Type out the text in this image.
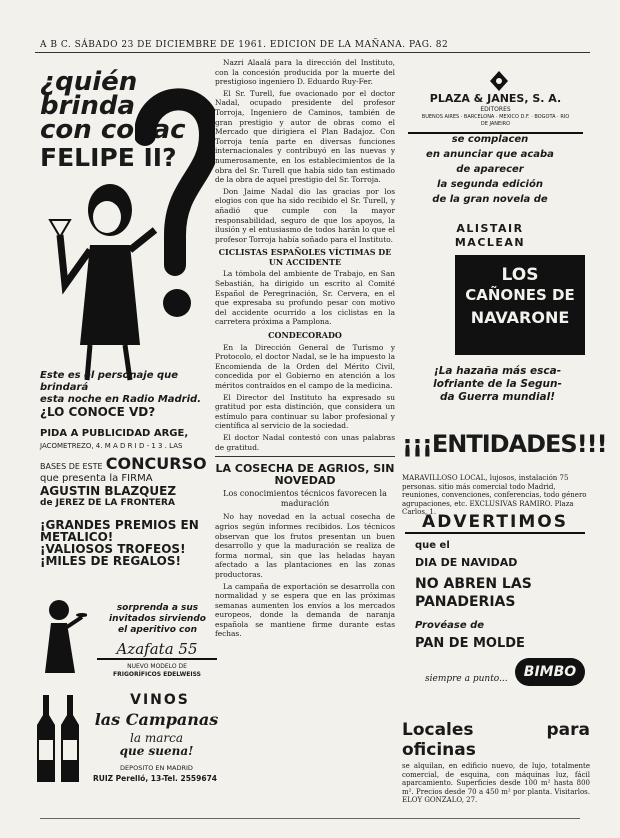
A B C. SÁBADO 23 DE DICIEMBRE DE 1961. EDICION DE LA MAÑANA. PAG. 82
¿quién
brinda
con coñac
FELIPE II?
Este es el personaje que brindará
esta noche en Radio Madrid.
¿LO CONOCE VD?
PIDA A PUBLICIDAD ARGE,
JACOMETREZO, 4. M A D R I D - 1 3 . LAS
BASES DE ESTE CONCURSO
que presenta la FIRMA
AGUSTIN BLAZQUEZ
de JEREZ DE LA FRONTERA
¡GRANDES PREMIOS EN METALICO!
¡VALIOSOS TROFEOS!
¡MILES DE REGALOS!
sorprenda a sus
invitados sirviendo
el aperitivo con
Azafata 55
NUEVO MODELO DE
FRIGORÍFICOS EDELWEISS
VINOS
las Campanas
la marca
que suena!
DEPOSITO EN MADRID
RUIZ Perelló, 13-Tel. 2559674

Nazri Alaalá para la dirección del Instituto, con la concesión producida por la muerte del prestigioso ingeniero D. Eduardo Ruy-Fer.

El Sr. Turell, fue ovacionado por el doctor Nadal, ocupado presidente del profesor Torroja, Ingeniero de Caminos, también de gran prestigio y autor de obras como el Mercado que dirigiera el Plan Badajoz. Con Torroja tenía parte en diversas funciones internacionales y contribuyó en las nuevas y numerosamente, en los establecimientos de la obra del Sr. Turell que había sido tan estimado de la obra de aquel prestigio del Sr. Torroja.

Don Jaime Nadal dio las gracias por los elogios con que ha sido recibido el Sr. Turell, y añadió que cumple con la mayor responsabilidad, seguro de que los apoyos, la ilusión y el entusiasmo de todos harán lo que el profesor Torroja había soñado para el Instituto.

CICLISTAS ESPAÑOLES VÍCTIMAS DE UN ACCIDENTE

La tómbola del ambiente de Trabajo, en San Sebastián, ha dirigido un escrito al Comité Español de Peregrinación, Sr. Cervera, en el que expresaba su profundo pesar con motivo del accidente ocurrido a los ciclistas en la carretera próxima a Pamplona.

CONDECORADO

En la Dirección General de Turismo y Protocolo, el doctor Nadal, se le ha impuesto la Encomienda de la Orden del Mérito Civil, concedida por el Gobierno en atención a los méritos contraídos en el campo de la medicina.

El Director del Instituto ha expresado su gratitud por esta distinción, que considera un estímulo para continuar su labor profesional y científica al servicio de la sociedad.

El doctor Nadal contestó con unas palabras de gratitud.

LA COSECHA DE AGRIOS, SIN NOVEDAD
Los conocimientos técnicos favorecen la maduración

No hay novedad en la actual cosecha de agrios según informes recibidos. Los técnicos observan que los frutos presentan un buen desarrollo y que la maduración se realiza de forma normal, sin que las heladas hayan afectado a las plantaciones en las zonas productoras.

La campaña de exportación se desarrolla con normalidad y se espera que en las próximas semanas aumenten los envíos a los mercados europeos, donde la demanda de naranja española se mantiene firme durante estas fechas.

PLAZA & JANES, S. A.
EDITORES
BUENOS AIRES · BARCELONA · MEXICO D.F. · BOGOTA · RIO DE JANEIRO
se complacen
en anunciar que acaba
de aparecer
la segunda edición
de la gran novela de
ALISTAIR
MACLEAN
LOS
CAÑONES DE
NAVARONE
¡La hazaña más esca-
lofriante de la Segun-
da Guerra mundial!
¡¡¡ENTIDADES!!!
MARAVILLOSO LOCAL, lujosos, instalación 75 personas. sitio más comercial todo Madrid, reuniones, convenciones, conferencias, todo género agrupaciones, etc. EXCLUSIVAS RAMIRO. Plaza Carlos, 1.
ADVERTIMOS
que el
DIA DE NAVIDAD
NO ABREN LAS
PANADERIAS
Provéase de
PAN DE MOLDE
BIMBO
siempre a punto...
Locales para oficinas
se alquilan, en edificio nuevo, de lujo, totalmente comercial, de esquina, con máquinas luz, fácil aparcamiento. Superficies desde 100 m² hasta 800 m². Precios desde 70 a 450 m² por planta. Visitarlos. ELOY GONZALO, 27.
